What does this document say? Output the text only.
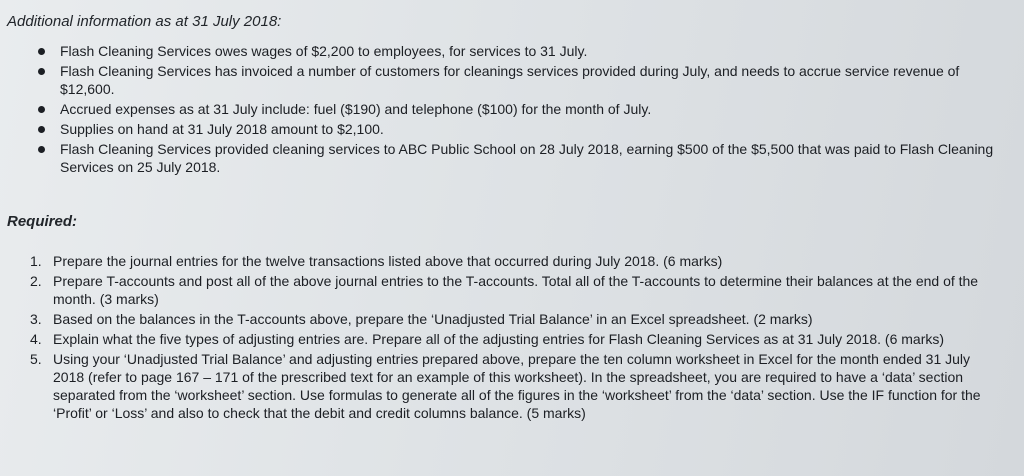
Additional information as at 31 July 2018:
Flash Cleaning Services owes wages of $2,200 to employees, for services to 31 July.
Flash Cleaning Services has invoiced a number of customers for cleanings services provided during July, and needs to accrue service revenue of $12,600.
Accrued expenses as at 31 July include: fuel ($190) and telephone ($100) for the month of July.
Supplies on hand at 31 July 2018 amount to $2,100.
Flash Cleaning Services provided cleaning services to ABC Public School on 28 July 2018, earning $500 of the $5,500 that was paid to Flash Cleaning Services on 25 July 2018.
Required:
1. Prepare the journal entries for the twelve transactions listed above that occurred during July 2018. (6 marks)
2. Prepare T-accounts and post all of the above journal entries to the T-accounts. Total all of the T-accounts to determine their balances at the end of the month. (3 marks)
3. Based on the balances in the T-accounts above, prepare the ‘Unadjusted Trial Balance’ in an Excel spreadsheet. (2 marks)
4. Explain what the five types of adjusting entries are. Prepare all of the adjusting entries for Flash Cleaning Services as at 31 July 2018. (6 marks)
5. Using your ‘Unadjusted Trial Balance’ and adjusting entries prepared above, prepare the ten column worksheet in Excel for the month ended 31 July 2018 (refer to page 167 – 171 of the prescribed text for an example of this worksheet). In the spreadsheet, you are required to have a ‘data’ section separated from the ‘worksheet’ section. Use formulas to generate all of the figures in the ‘worksheet’ from the ‘data’ section. Use the IF function for the ‘Profit’ or ‘Loss’ and also to check that the debit and credit columns balance. (5 marks)
